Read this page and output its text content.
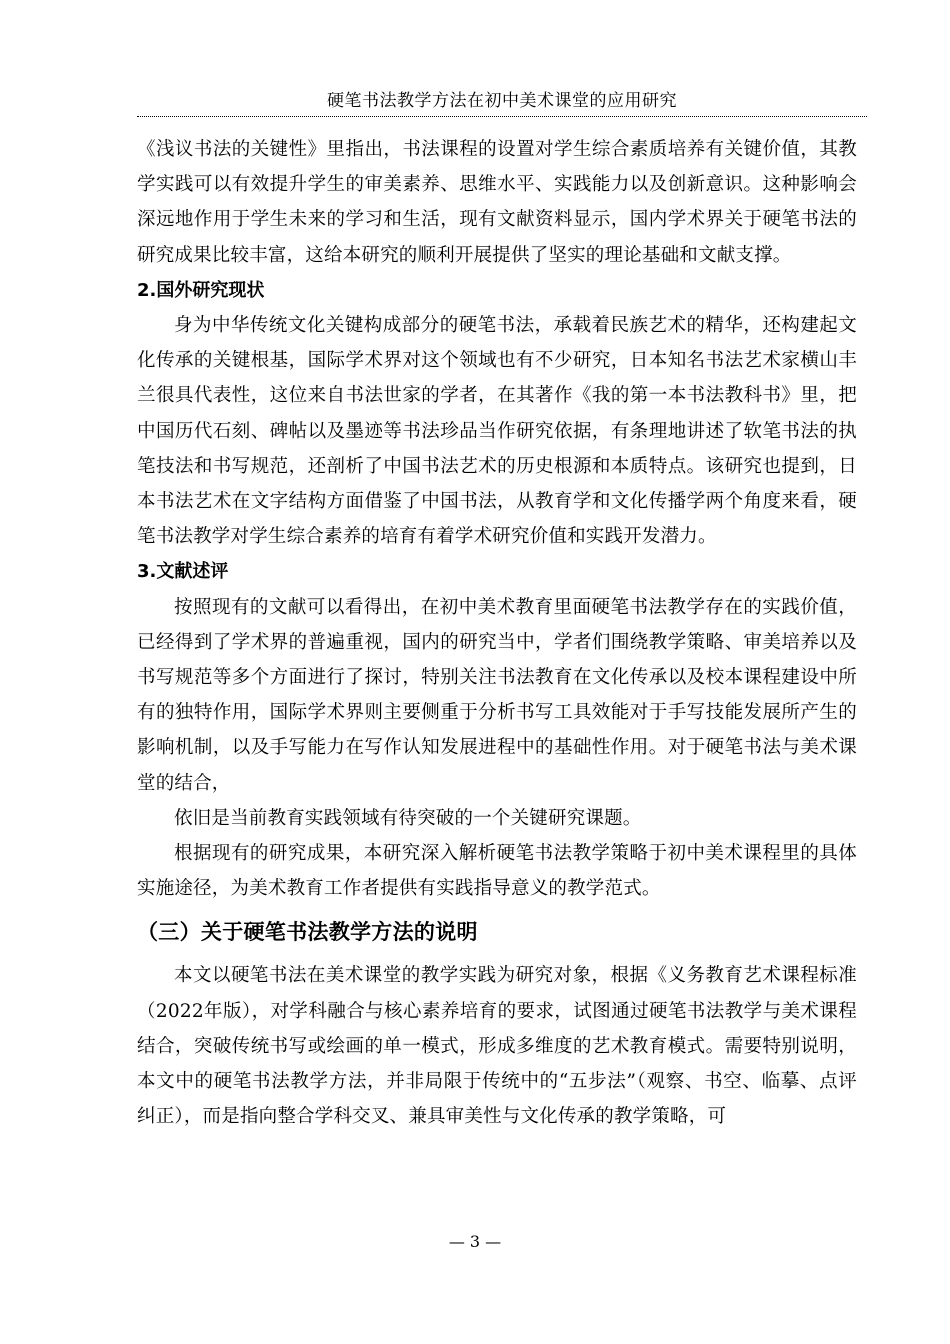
硬笔书法教学方法在初中美术课堂的应用研究

《浅议书法的关键性》里指出，书法课程的设置对学生综合素质培养有关键价值，其教学实践可以有效提升学生的审美素养、思维水平、实践能力以及创新意识。这种影响会深远地作用于学生未来的学习和生活，现有文献资料显示，国内学术界关于硬笔书法的研究成果比较丰富，这给本研究的顺利开展提供了坚实的理论基础和文献支撑。

2.国外研究现状

身为中华传统文化关键构成部分的硬笔书法，承载着民族艺术的精华，还构建起文化传承的关键根基，国际学术界对这个领域也有不少研究，日本知名书法艺术家横山丰兰很具代表性，这位来自书法世家的学者，在其著作《我的第一本书法教科书》里，把中国历代石刻、碑帖以及墨迹等书法珍品当作研究依据，有条理地讲述了软笔书法的执笔技法和书写规范，还剖析了中国书法艺术的历史根源和本质特点。该研究也提到，日本书法艺术在文字结构方面借鉴了中国书法，从教育学和文化传播学两个角度来看，硬笔书法教学对学生综合素养的培育有着学术研究价值和实践开发潜力。

3.文献述评

按照现有的文献可以看得出，在初中美术教育里面硬笔书法教学存在的实践价值，已经得到了学术界的普遍重视，国内的研究当中，学者们围绕教学策略、审美培养以及书写规范等多个方面进行了探讨，特别关注书法教育在文化传承以及校本课程建设中所有的独特作用，国际学术界则主要侧重于分析书写工具效能对于手写技能发展所产生的影响机制，以及手写能力在写作认知发展进程中的基础性作用。对于硬笔书法与美术课堂的结合，

依旧是当前教育实践领域有待突破的一个关键研究课题。

根据现有的研究成果，本研究深入解析硬笔书法教学策略于初中美术课程里的具体实施途径，为美术教育工作者提供有实践指导意义的教学范式。

（三）关于硬笔书法教学方法的说明

本文以硬笔书法在美术课堂的教学实践为研究对象，根据《义务教育艺术课程标准（2022年版），对学科融合与核心素养培育的要求，试图通过硬笔书法教学与美术课程结合，突破传统书写或绘画的单一模式，形成多维度的艺术教育模式。需要特别说明，本文中的硬笔书法教学方法，并非局限于传统中的“五步法”（观察、书空、临摹、点评纠正），而是指向整合学科交叉、兼具审美性与文化传承的教学策略，可

— 3 —
